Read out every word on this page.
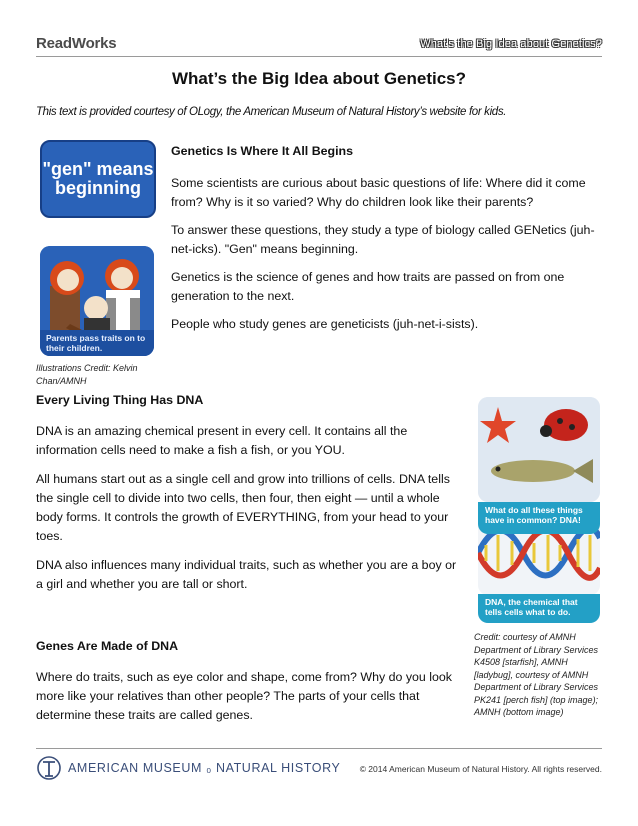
ReadWorks	What's the Big Idea about Genetics?
What’s the Big Idea about Genetics?
This text is provided courtesy of OLogy, the American Museum of Natural History’s website for kids.
"gen" means beginning
Parents pass traits on to their children.
Illustrations Credit: Kelvin Chan/AMNH

Genetics Is Where It All Begins

Some scientists are curious about basic questions of life: Where did it come from? Why is it so varied? Why do children look like their parents?

To answer these questions, they study a type of biology called GENetics (juh-net-icks). "Gen" means beginning.

Genetics is the science of genes and how traits are passed on from one generation to the next.

People who study genes are geneticists (juh-net-i-sists).

Every Living Thing Has DNA

DNA is an amazing chemical present in every cell. It contains all the information cells need to make a fish a fish, or you YOU.

All humans start out as a single cell and grow into trillions of cells. DNA tells the single cell to divide into two cells, then four, then eight — until a whole body forms. It controls the growth of EVERYTHING, from your head to your toes.

DNA also influences many individual traits, such as whether you are a boy or a girl and whether you are tall or short.

Genes Are Made of DNA

Where do traits, such as eye color and shape, come from? Why do you look more like your relatives than other people? The parts of your cells that determine these traits are called genes.

What do all these things have in common? DNA!
DNA, the chemical that tells cells what to do.
Credit: courtesy of AMNH Department of Library Services K4508 [starfish], AMNH [ladybug], courtesy of AMNH Department of Library Services PK241 [perch fish] (top image); AMNH (bottom image)
AMERICAN MUSEUM ₀ NATURAL HISTORY © 2014 American Museum of Natural History. All rights reserved.
